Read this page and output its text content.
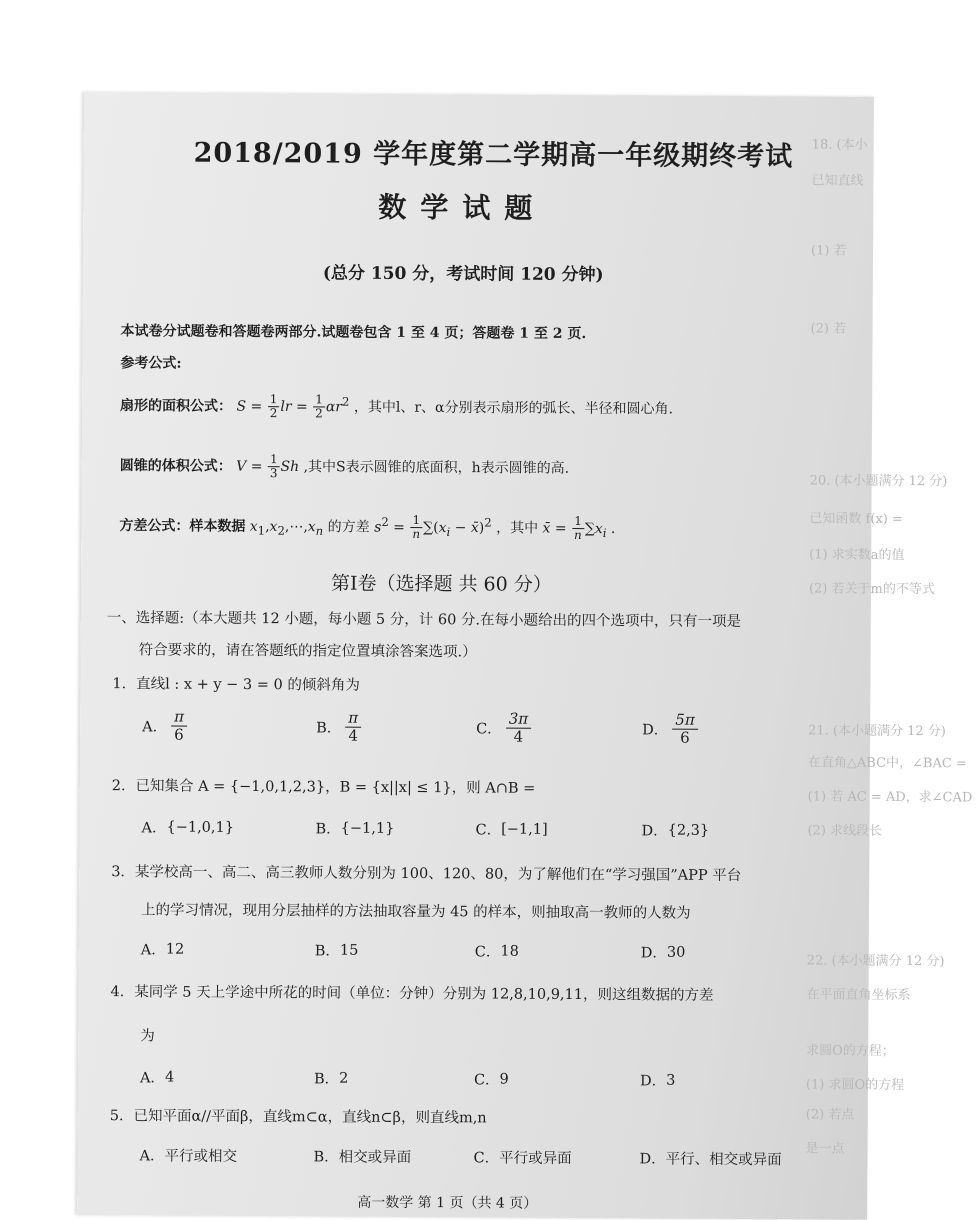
18. (本小
已知直线
(1) 若
(2) 若
20. (本小题满分 12 分)
已知函数 f(x) =
(1) 求实数a的值
(2) 若关于m的不等式
21. (本小题满分 12 分)
在直角△ABC中，∠BAC =
(1) 若 AC = AD，求∠CAD
(2) 求线段长
22. (本小题满分 12 分)
在平面直角坐标系
求圆O的方程；
(1) 求圆O的方程
(2) 若点
是一点
2018/2019 学年度第二学期高一年级期终考试
数学试题
(总分 150 分，考试时间 120 分钟)
本试卷分试题卷和答题卷两部分.试题卷包含 1 至 4 页；答题卷 1 至 2 页.
参考公式:
扇形的面积公式： $S = \frac{1}{2}$ lr = $\frac{1}{2} \alpha r^2$ ，其中l、r、α分别表示扇形的弧长、半径和圆心角.
圆锥的体积公式： $V = \frac{1}{3}$ Sh ,其中S表示圆锥的底面积，h表示圆锥的高.
方差公式：样本数据 $x_1,x_2,\cdots,x_n$ 的方差 $s^2 = \frac{1}{n} \sum(x_i$ − x̄)$^2$ ，其中 x̄ = $\frac{1}{n} \sum x_i$ .
第Ⅰ卷（选择题 共 60 分）
一、选择题:（本大题共 12 小题，每小题 5 分，计 60 分.在每小题给出的四个选项中，只有一项是
符合要求的，请在答题纸的指定位置填涂答案选项.）
1．直线l : x + y − 3 = 0 的倾斜角为
A．
π
6	B．
π
4	C．
3π
4	D．
5π
6
2．已知集合 A = {−1,0,1,2,3}，B = {x||x| ≤ 1}，则 A∩B =
A． {−1,0,1}	B． {−1,1}	C． [−1,1]	D． {2,3}
3．某学校高一、高二、高三教师人数分别为 100、120、80，为了解他们在“学习强国”APP 平台
上的学习情况，现用分层抽样的方法抽取容量为 45 的样本，则抽取高一教师的人数为
A． 12	B． 15	C． 18	D． 30
4．某同学 5 天上学途中所花的时间（单位：分钟）分别为 12,8,10,9,11，则这组数据的方差
为
A． 4	B． 2	C． 9	D． 3
5．已知平面α//平面β，直线m⊂α，直线n⊂β，则直线m,n
A． 平行或相交	B． 相交或异面	C． 平行或异面	D． 平行、相交或异面
高一数学 第 1 页（共 4 页）
